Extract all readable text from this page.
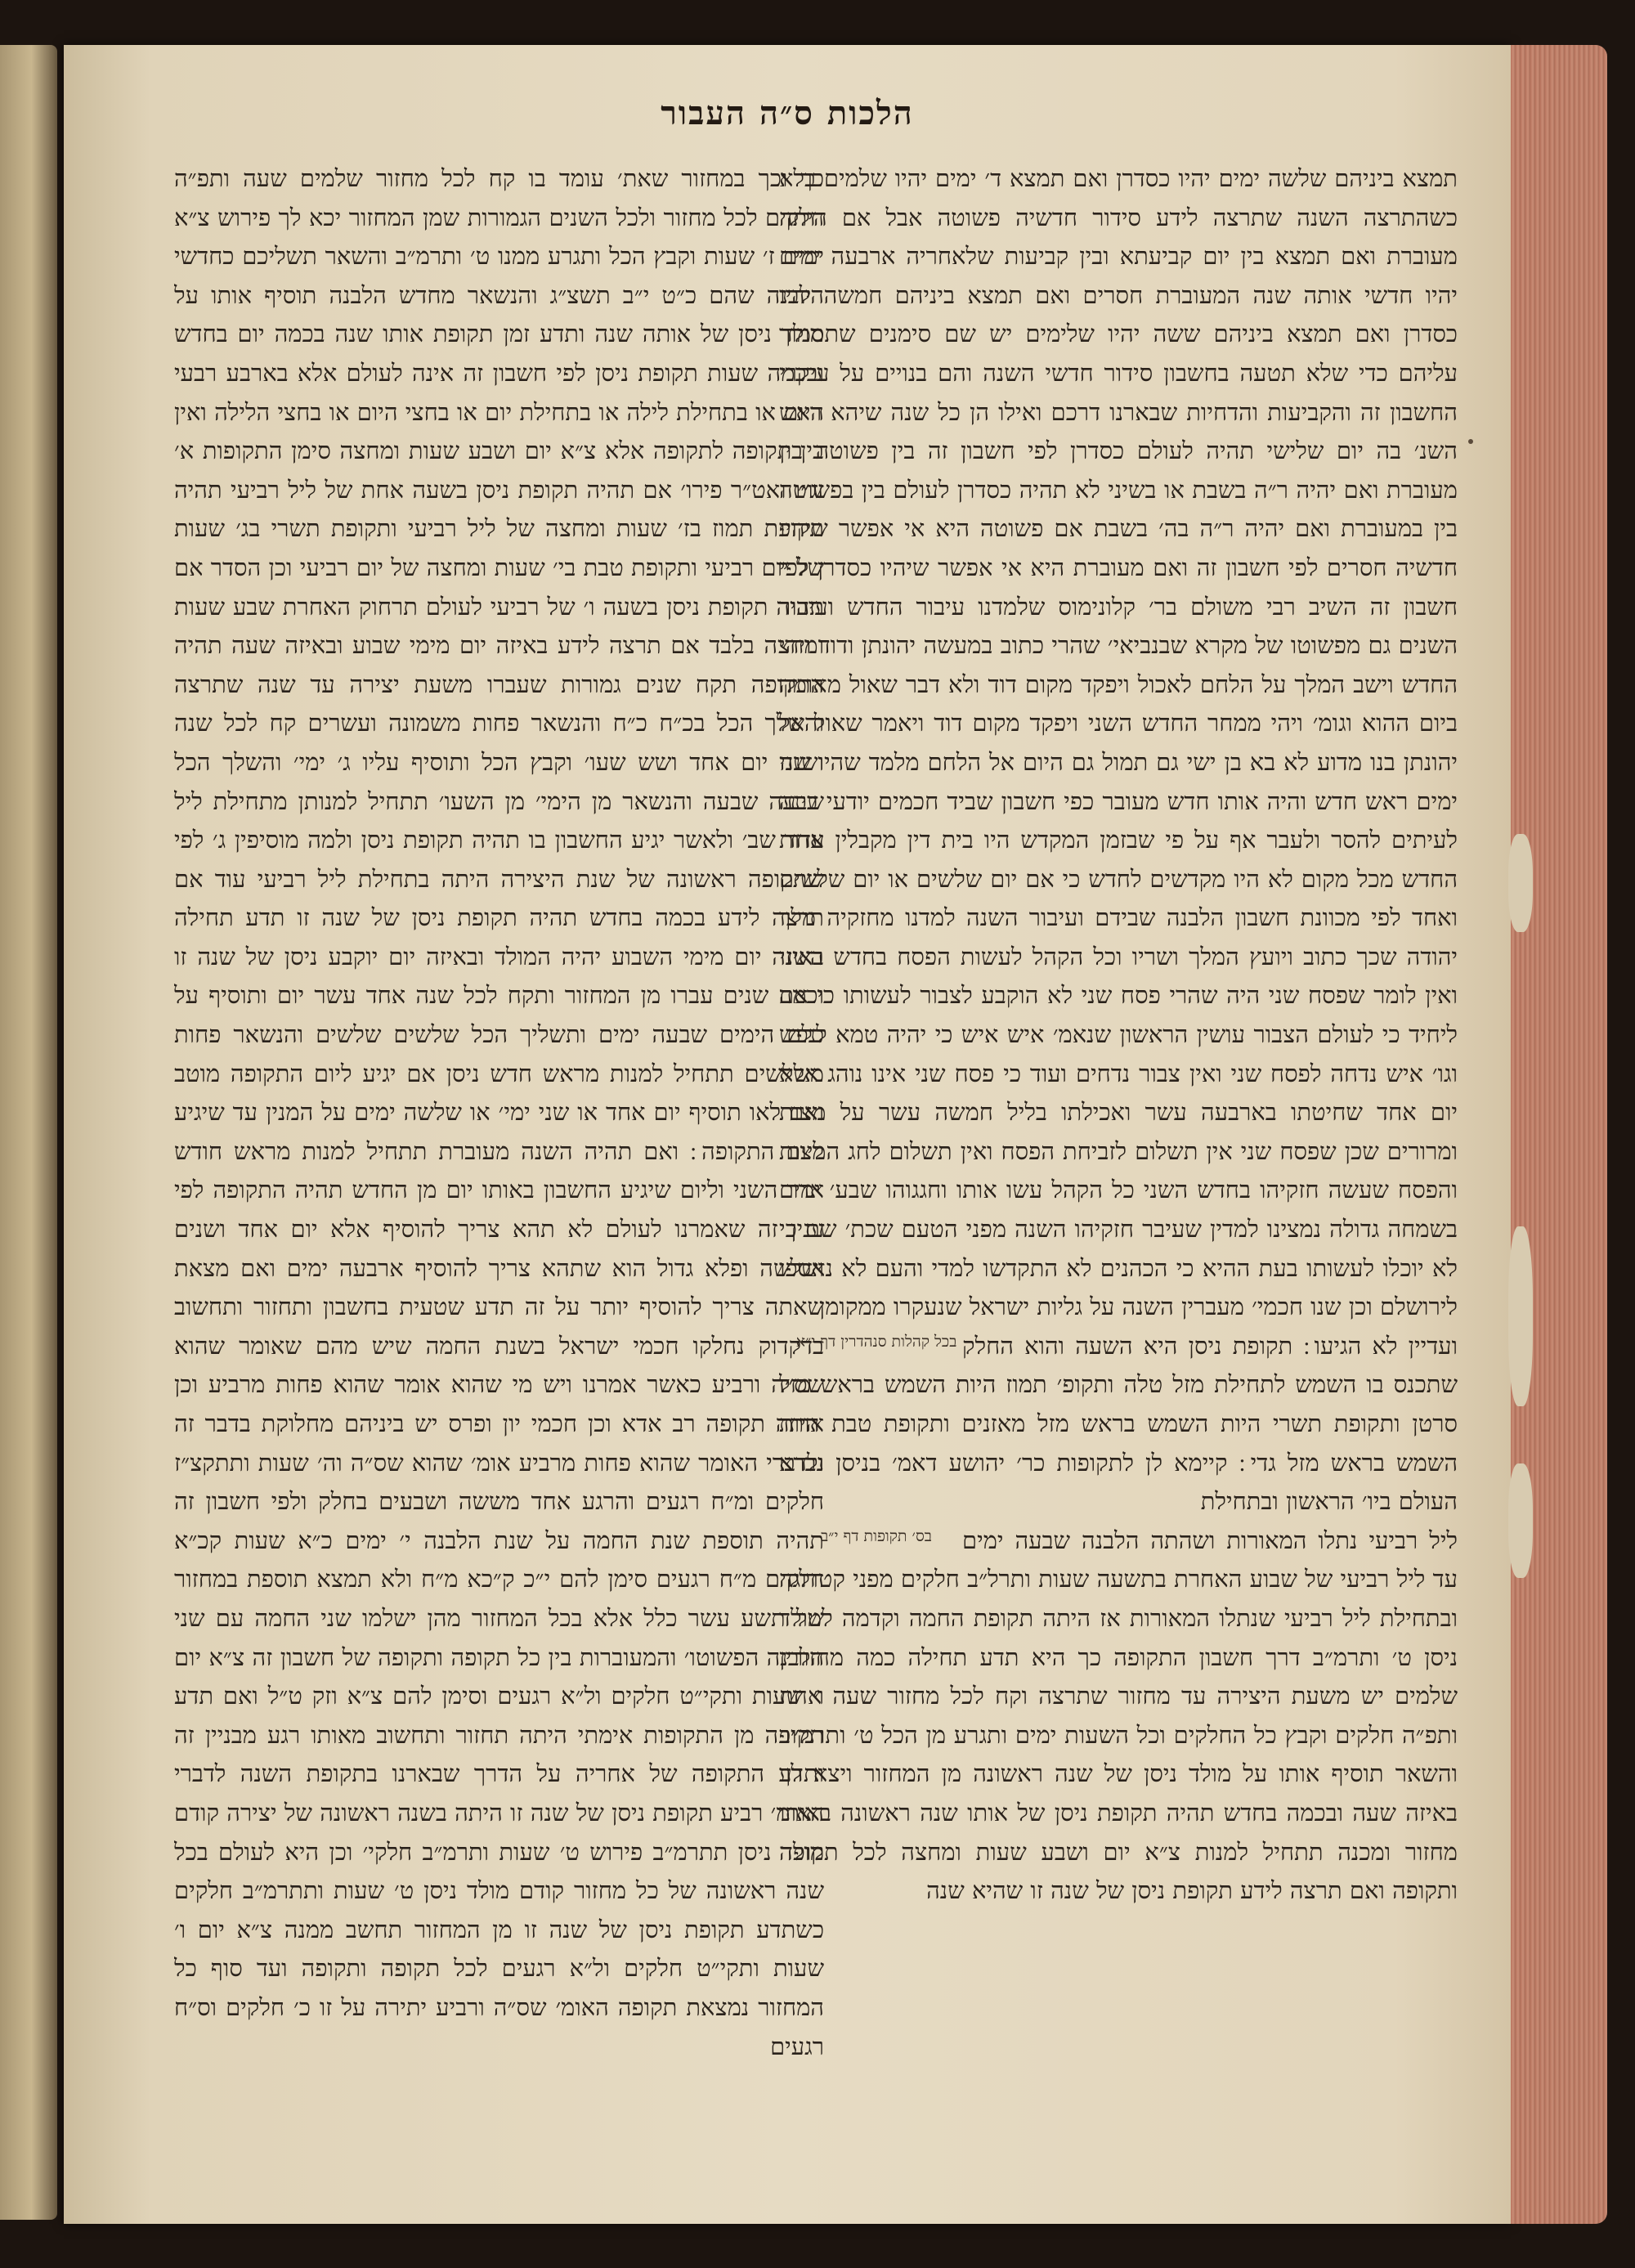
הלכות ס״ה העבור

תמצא ביניהם שלשה ימים יהיו כסדרן ואם תמצא ד׳ ימים יהיו שלמים בלא כשהתרצה השנה שתרצה לידע סידור חדשיה פשוטה אבל אם היתה מעוברת ואם תמצא בין יום קביעתא ובין קביעות שלאחריה ארבעה ימים יהיו חדשי אותה שנה המעוברת חסרים ואם תמצא ביניהם חמשה יהיו כסדרן ואם תמצא ביניהם ששה יהיו שלימים יש שם סימנים שתסמוך עליהם כדי שלא תטעה בחשבון סידור חדשי השנה והם בנויים על עיקרי החשבון זה והקביעות והדחיות שבארנו דרכם ואילו הן כל שנה שיהא ראש השנ׳ בה יום שלישי תהיה לעולם כסדרן לפי חשבון זה בין פשוטה בין מעוברת ואם יהיה ר״ה בשבת או בשיני לא תהיה כסדרן לעולם בין בפשוטה בין במעוברת ואם יהיה ר״ה בה׳ בשבת אם פשוטה היא אי אפשר שיהיו חדשיה חסרים לפי חשבון זה ואם מעוברת היא אי אפשר שיהיו כסדרן לפי חשבון זה השיב רבי משולם בר׳ קלונימוס שלמדנו עיבור החדש ועיבור השנים גם מפשוטו של מקרא שבנביאי׳ שהרי כתוב במעשה יהונתן ודוד ויהי החדש וישב המלך על הלחם לאכול ויפקד מקום דוד ולא דבר שאול מאומה ביום ההוא וגומ׳ ויהי ממחר החדש השני ויפקד מקום דוד ויאמר שאול אל יהונתן בנו מדוע לא בא בן ישי גם תמול גם היום אל הלחם מלמד שהיו שני ימים ראש חדש והיה אותו חדש מעובר כפי חשבון שביד חכמים יודעי בינה לעיתים להסר ולעבר אף על פי שבזמן המקדש היו בית דין מקבלין עדות החדש מכל מקום לא היו מקדשים לחדש כי אם יום שלשים או יום שלשים ואחד לפי מכוונת חשבון הלבנה שבידם ועיבור השנה למדנו מחזקיה מלך יהודה שכך כתוב ויועץ המלך ושריו וכל הקהל לעשות הפסח בחדש השני ואין לומר שפסח שני היה שהרי פסח שני לא הוקבע לצבור לעשותו כי אם ליחיד כי לעולם הצבור עושין הראשון שנאמ׳ איש איש כי יהיה טמא לנפש וגו׳ איש נדחה לפסח שני ואין צבור נדחים ועוד כי פסח שני אינו נוהג אלא יום אחד שחיטתו בארבעה עשר ואכילתו בליל חמשה עשר על מצות ומרורים שכן שפסח שני אין תשלום לזביחת הפסח ואין תשלום לחג המצות והפסח שעשה חזקיהו בחדש השני כל הקהל עשו אותו וחגגוהו שבע׳ ימים בשמחה גדולה נמצינו למדין שעיבר חזקיהו השנה מפני הטעם שכת׳ שם כי לא יוכלו לעשותו בעת ההיא כי הכהנים לא התקדשו למדי והעם לא נאספו לירושלם וכן שנו חכמי׳ מעברין השנה על גליות ישראל שנעקרו ממקומן

בכל קהלות סנהדרין דף י״א ועדיין לא הגיעו ׃ תקופת ניסן היא השעה והוא החלק שתכנס בו השמש לתחילת מזל טלה ותקופ׳ תמוז היות השמש בראש מזל סרטן ותקופת תשרי היות השמש בראש מזל מאזנים ותקופת טבת היות השמש בראש מזל גדי ׃ קיימא לן לתקופות כר׳ יהושע דאמ׳ בניסן נברא העולם ביו׳ הראשון ובתחילת

בס׳ תקופות דף י״ב	ליל רביעי נתלו המאורות ושהתה הלבנה שבעה ימים עד ליל רביעי של שבוע האחרת בתשעה שעות ותרל״ב חלקים מפני קטרוגה ובתחילת ליל רביעי שנתלו המאורות אז היתה תקופת החמה וקדמה למולד ניסן ט׳ ותרמ״ב דרך חשבון התקופה כך היא תדע תחילה כמה מחזורין שלמים יש משעת היצירה עד מחזור שתרצה וקח לכל מחזור שעה אחת ותפ״ה חלקים וקבץ כל החלקים וכל השעות ימים ותגרע מן הכל ט׳ ותרמ״ב והשאר תוסיף אותו על מולד ניסן של שנה ראשונה מן המחזור ויצא לך באיזה שעה ובכמה בחדש תהיה תקופת ניסן של אותו שנה ראשונה באותו מחזור ומכנה תתחיל למנות צ״א יום ושבע שעות ומחצה לכל תקופה ותקופה ואם תרצה לידע תקופת ניסן של שנה זו שהיא שנה

כך וכך במחזור שאת׳ עומד בו קח לכל מחזור שלמים שעה ותפ״ה חלקים לכל מחזור ולכל השנים הגמורות שמן המחזור יכא לך פירוש צ״א ימים ז׳ שעות וקבץ הכל ותגרע ממנו ט׳ ותרמ״ב והשאר תשליכם כחדשי הלבנה שהם כ״ט י״ב תשצ״ג והנשאר מחדש הלבנה תוסיף אותו על מולד ניסן של אותה שנה ותדע זמן תקופת אותו שנה בכמה יום בחדש ובכמה שעות תקופת ניסן לפי חשבון זה אינה לעולם אלא בארבע רבעי היום או בתחילת לילה או בתחילת יום או בחצי היום או בחצי הלילה ואין בין תקופה לתקופה אלא צ״א יום ושבע שעות ומחצה סימן התקופות א׳ זג״ו ואט״ר פירו׳ אם תהיה תקופת ניסן בשעה אחת של ליל רביעי תהיה תקופת תמוז בז׳ שעות ומחצה של ליל רביעי ותקופת תשרי בג׳ שעות של יום רביעי ותקופת טבת בי׳ שעות ומחצה של יום רביעי וכן הסדר אם תהיה תקופת ניסן בשעה ו׳ של רביעי לעולם תרחוק האחרת שבע שעות ומחצה בלבד אם תרצה לידע באיזה יום מימי שבוע ובאיזה שעה תהיה התקופה תקח שנים גמורות שעברו משעת יצירה עד שנה שתרצה והשלך הכל בכ״ח כ״ח והנשאר פחות משמונה ועשרים קח לכל שנה ושנה יום אחד ושש שעו׳ וקבץ הכל ותוסיף עליו ג׳ ימי׳ והשלך הכל שבעה שבעה והנשאר מן הימי׳ מן השעו׳ תתחיל למנותן מתחילת ליל אחד שב׳ ולאשר יגיע החשבון בו תהיה תקופת ניסן ולמה מוסיפין ג׳ לפי שתקופה ראשונה של שנת היצירה היתה בתחילת ליל רביעי עוד אם תרצה לידע בכמה בחדש תהיה תקופת ניסן של שנה זו תדע תחילה באיזה יום מימי השבוע יהיה המולד ובאיזה יום יוקבע ניסן של שנה זו וכמה שנים עברו מן המחזור ותקח לכל שנה אחד עשר יום ותוסיף על כלם הימים שבעה ימים ותשליך הכל שלשים שלשים והנשאר פחות משלשים תתחיל למנות מראש חדש ניסן אם יגיע ליום התקופה מוטב ואם לאו תוסיף יום אחד או שני ימי׳ או שלשה ימים על המנין עד שיגיע ליום התקופה ׃ ואם תהיה השנה מעוברת תתחיל למנות מראש חודש אדר השני וליום שיגיע החשבון באותו יום מן החדש תהיה התקופה לפי ענין זה שאמרנו לעולם לא תהא צריך להוסיף אלא יום אחד ושנים ושלשה ופלא גדול הוא שתהא צריך להוסיף ארבעה ימים ואם מצאת שאתה צריך להוסיף יותר על זה תדע שטעית בחשבון ותחזור ותחשוב בדקדוק נחלקו חכמי ישראל בשנת החמה שיש מהם שאומר שהוא שס״ה ורביע כאשר אמרנו ויש מי שהוא אומר שהוא פחות מרביע וכן אותה תקופה רב אדא וכן חכמי יון ופרס יש ביניהם מחלוקת בדבר זה ולדברי האומר שהוא פחות מרביע אומ׳ שהוא שס״ה וה׳ שעות ותתקצ״ז חלקים ומ״ח רגעים והרגע אחד מששה ושבעים בחלק ולפי חשבון זה תהיה תוספת שנת החמה על שנת הלבנה י׳ ימים כ״א שעות קכ״א חלקים מ״ח רגעים סימן להם י״כ ק״כא מ״ח ולא תמצא תוספת במחזור של תשע עשר כלל אלא בכל המחזור מהן ישלמו שני החמה עם שני הלבנה הפשוטו׳ והמעוברות בין כל תקופה ותקופה של חשבון זה צ״א יום ו׳ שעות ותקי״ט חלקים ול״א רגעים וסימן להם צ״א וזק ט״ל ואם תדע תקופה מן התקופות אימתי היתה תחזור ותחשוב מאותו רגע מבניין זה ותדע התקופה של אחריה על הדרך שבארנו בתקופת השנה לדברי האומ׳ רביע תקופת ניסן של שנה זו היתה בשנה ראשונה של יצירה קודם מולד ניסן תתרמ״ב פירוש ט׳ שעות ותרמ״ב חלקי׳ וכן היא לעולם בכל שנה ראשונה של כל מחזור קודם מולד ניסן ט׳ שעות ותתרמ״ב חלקים כשתדע תקופת ניסן של שנה זו מן המחזור תחשב ממנה צ״א יום ו׳ שעות ותקי״ט חלקים ול״א רגעים לכל תקופה ותקופה ועד סוף כל המחזור נמצאת תקופה האומ׳ שס״ה ורביע יתירה על זו כ׳ חלקים וס״ח רגעים
